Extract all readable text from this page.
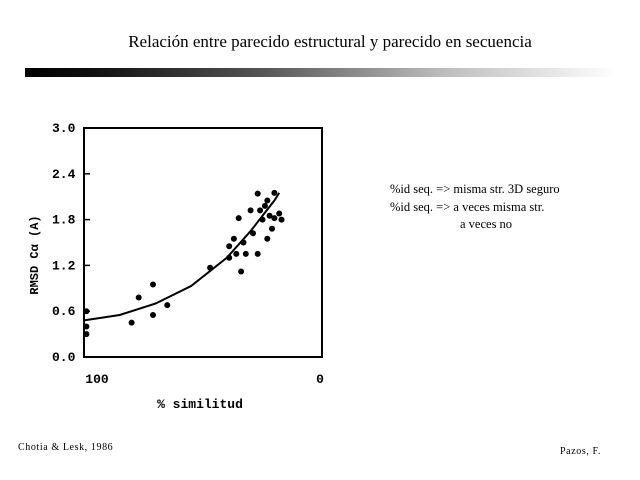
Relación entre parecido estructural y parecido en secuencia
0.0
0.6
1.2
1.8
2.4
3.0
100	0
% similitud
RMSD Cα (A)
%id seq. => misma str. 3D seguro
%id seq. => a veces misma str.
a veces no
Chotia & Lesk, 1986	Pazos, F.
